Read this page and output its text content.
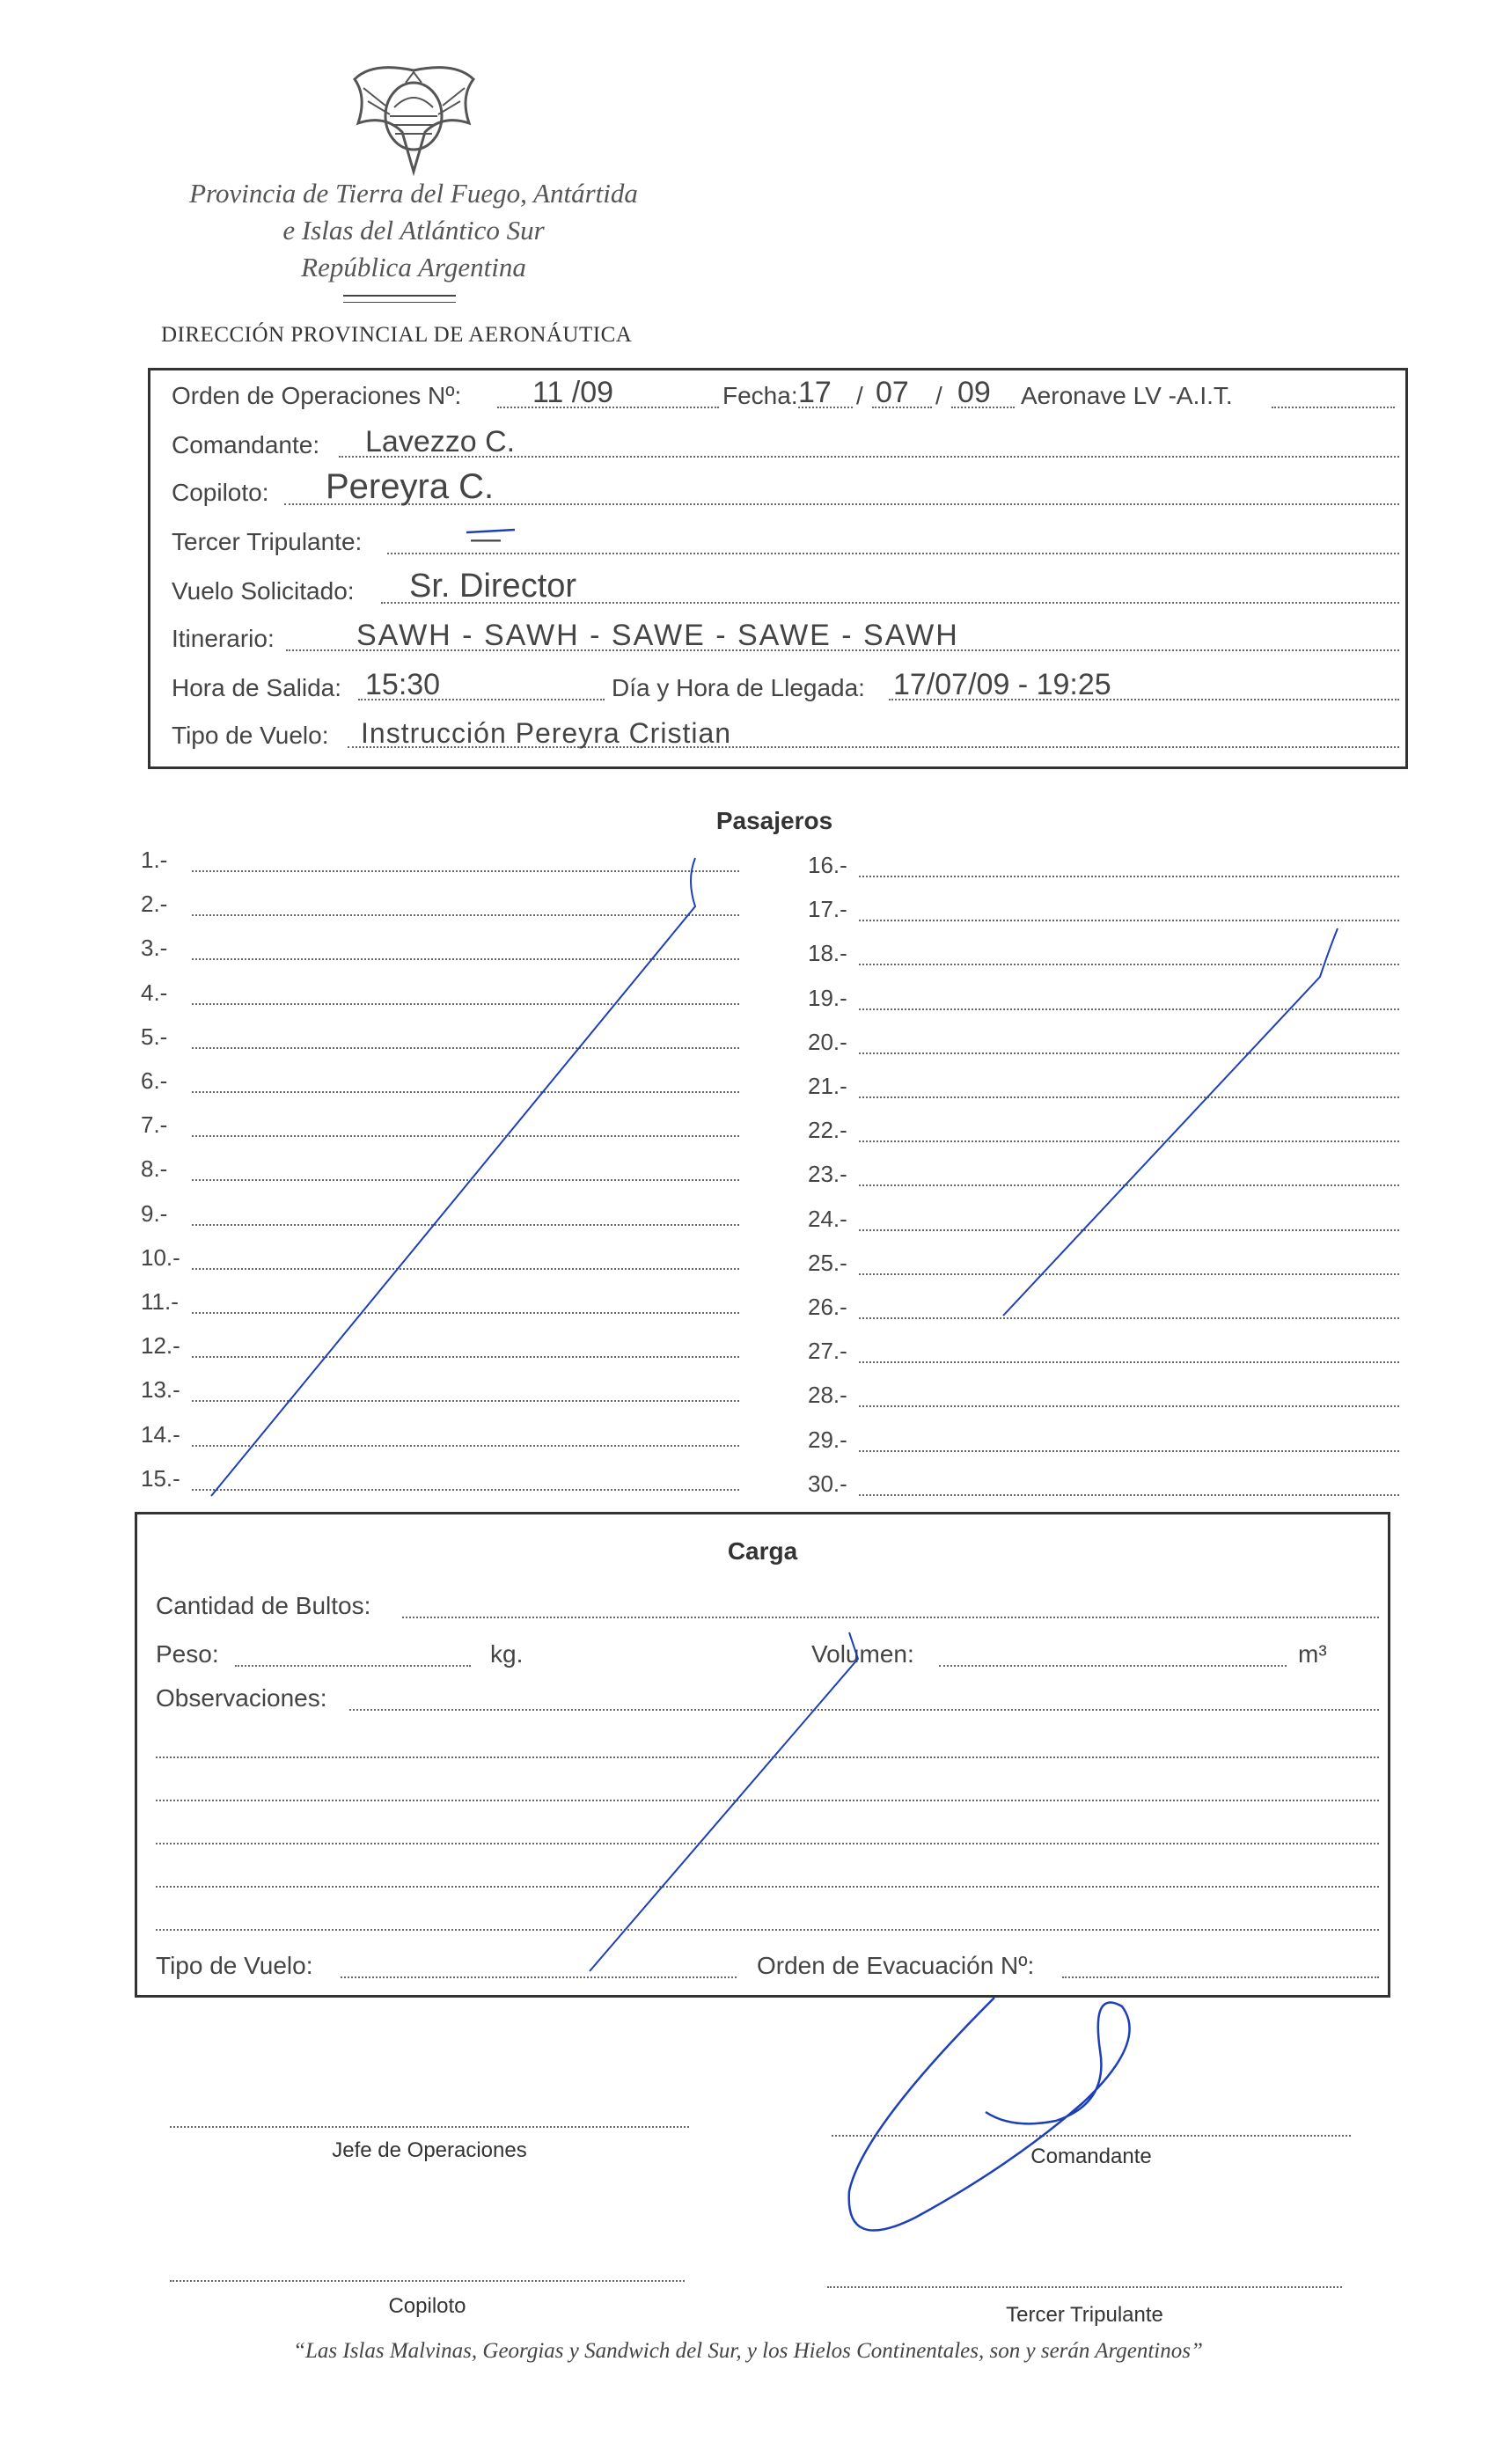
Provincia de Tierra del Fuego, Antártida
e Islas del Atlántico Sur
República Argentina
DIRECCIÓN PROVINCIAL DE AERONÁUTICA
Orden de Operaciones Nº: 11 /09	Fecha: 17 / 07 / 09 Aeronave LV -A.I.T.
Comandante: Lavezzo C.
Copiloto: Pereyra C.
Tercer Tripulante:	—
Vuelo Solicitado: Sr. Director
Itinerario:	SAWH - SAWH - SAWE - SAWE - SAWH
Hora de Salida: 15:30	Día y Hora de Llegada: 17/07/09 - 19:25
Tipo de Vuelo: Instrucción Pereyra Cristian
Pasajeros
1.-
2.-
3.-
4.-
5.-
6.-
7.-
8.-
9.-
10.-
11.-
12.-
13.-
14.-
15.-
16.-
17.-
18.-
19.-
20.-
21.-
22.-
23.-
24.-
25.-
26.-
27.-
28.-
29.-
30.-
Carga
Cantidad de Bultos:
Peso:	kg.	Volumen:	m³
Observaciones:
Tipo de Vuelo:	Orden de Evacuación Nº:
Jefe de Operaciones	Comandante
Copiloto	Tercer Tripulante
“Las Islas Malvinas, Georgias y Sandwich del Sur, y los Hielos Continentales, son y serán Argentinos”
